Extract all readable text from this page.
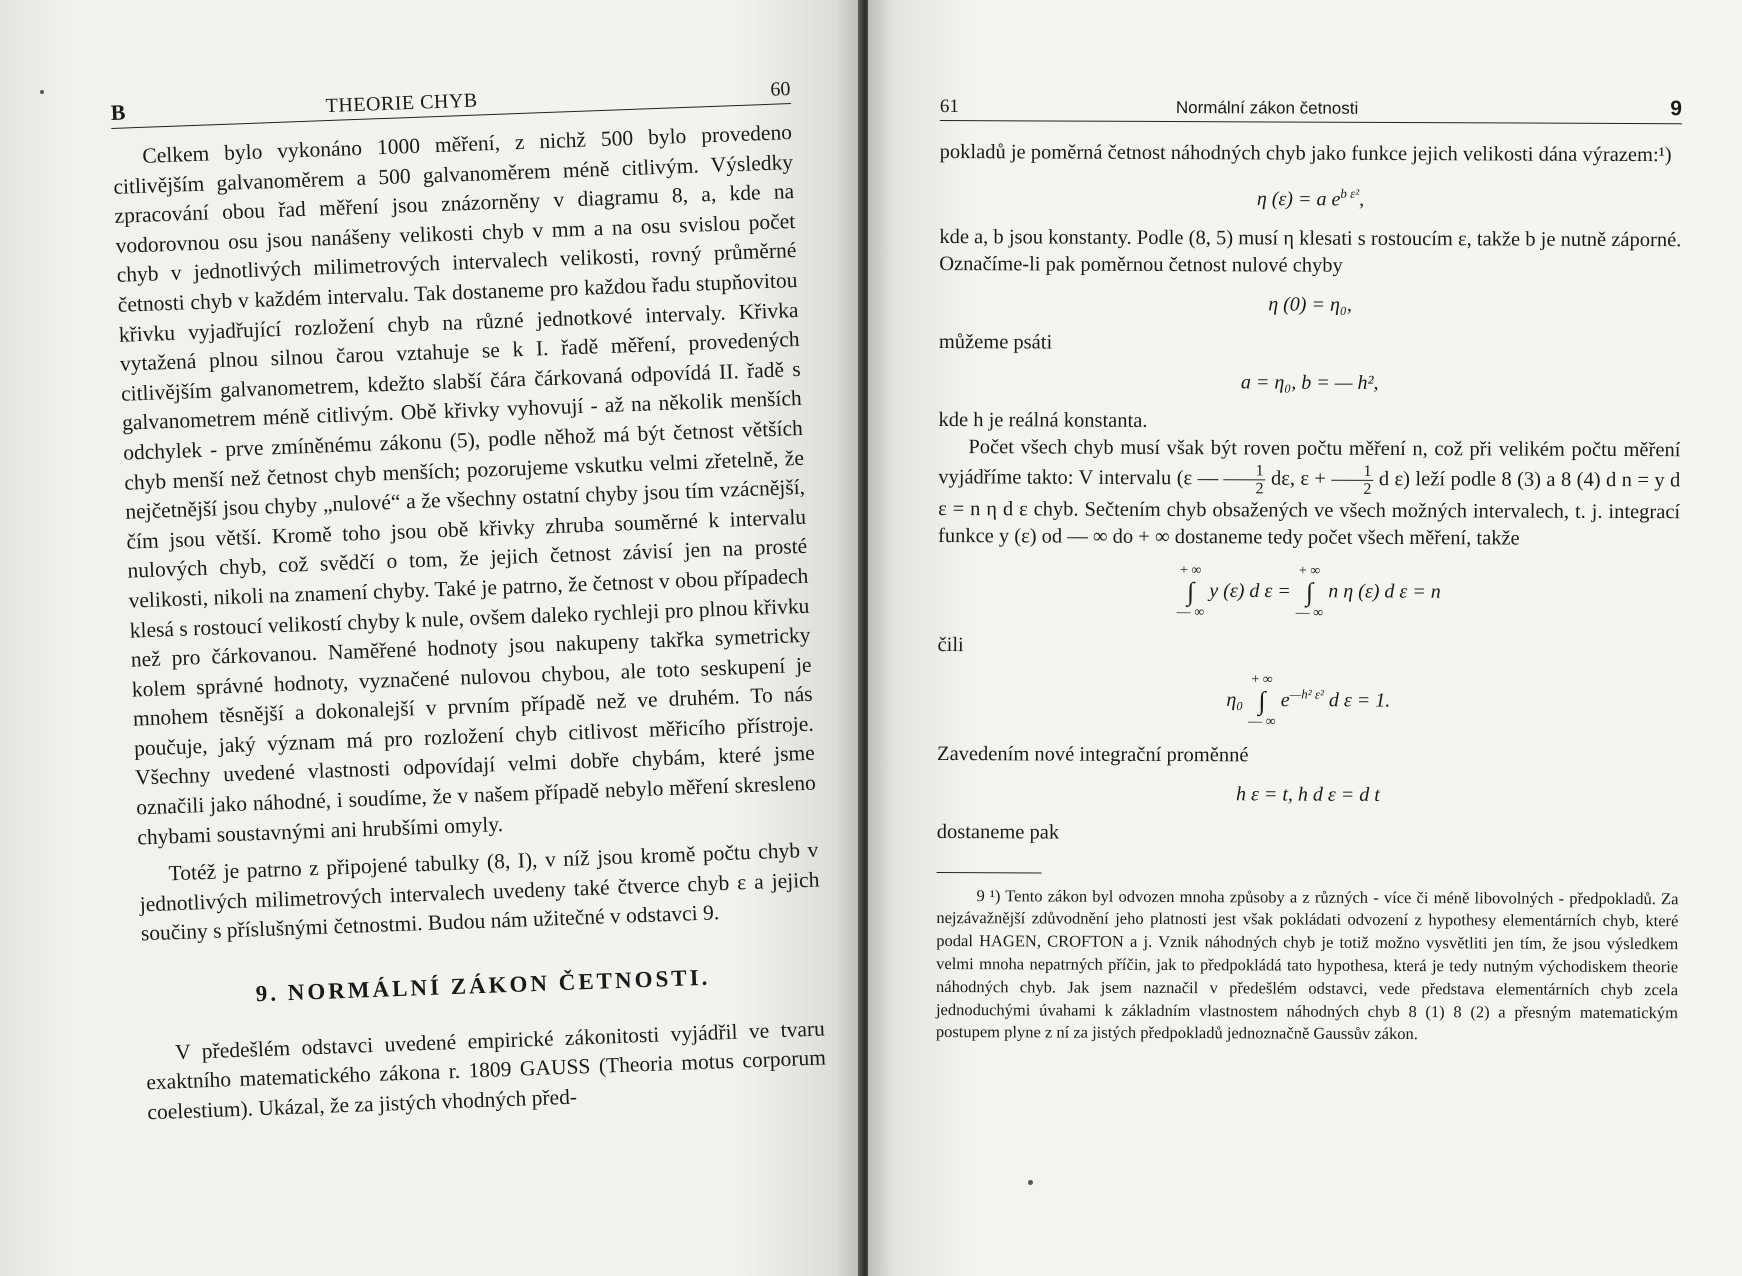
B	THEORIE CHYB
60

Celkem bylo vykonáno 1000 měření, z nichž 500 bylo provedeno citlivějším galvanoměrem a 500 galvanoměrem méně citlivým. Výsledky zpracování obou řad měření jsou znázorněny v diagramu 8, a, kde na vodorovnou osu jsou nanášeny velikosti chyb v mm a na osu svislou počet chyb v jednotlivých milimetrových intervalech velikosti, rovný průměrné četnosti chyb v každém intervalu. Tak dostaneme pro každou řadu stupňovitou křivku vyjadřující rozložení chyb na různé jednotkové intervaly. Křivka vytažená plnou silnou čarou vztahuje se k I. řadě měření, provedených citlivějším galvanometrem, kdežto slabší čára čárkovaná odpovídá II. řadě s galvanometrem méně citlivým. Obě křivky vyhovují - až na několik menších odchylek - prve zmíněnému zákonu (5), podle něhož má být četnost větších chyb menší než četnost chyb menších; pozorujeme vskutku velmi zřetelně, že nejčetnější jsou chyby „nulové“ a že všechny ostatní chyby jsou tím vzácnější, čím jsou větší. Kromě toho jsou obě křivky zhruba souměrné k intervalu nulových chyb, což svědčí o tom, že jejich četnost závisí jen na prosté velikosti, nikoli na znamení chyby. Také je patrno, že četnost v obou případech klesá s rostoucí velikostí chyby k nule, ovšem daleko rychleji pro plnou křivku než pro čárkovanou. Naměřené hodnoty jsou nakupeny takřka symetricky kolem správné hodnoty, vyznačené nulovou chybou, ale toto seskupení je mnohem těsnější a dokonalejší v prvním případě než ve druhém. To nás poučuje, jaký význam má pro rozložení chyb citlivost měřicího přístroje. Všechny uvedené vlastnosti odpovídají velmi dobře chybám, které jsme označili jako náhodné, i soudíme, že v našem případě nebylo měření skresleno chybami soustavnými ani hrubšími omyly.

Totéž je patrno z připojené tabulky (8, I), v níž jsou kromě počtu chyb v jednotlivých milimetrových intervalech uvedeny také čtverce chyb ε a jejich součiny s příslušnými četnostmi. Budou nám užitečné v odstavci 9.

9. NORMÁLNÍ ZÁKON ČETNOSTI.

V předešlém odstavci uvedené empirické zákonitosti vyjádřil ve tvaru exaktního matematického zákona r. 1809 GAUSS (Theoria motus corporum coelestium). Ukázal, že za jistých vhodných před-

61	Normální zákon četnosti	9

pokladů je poměrná četnost náhodných chyb jako funkce jejich velikosti dána výrazem:¹)

η (ε) = a $e^{b \varepsilon^2}$,

kde a, b jsou konstanty. Podle (8, 5) musí η klesati s rostoucím ε, takže b je nutně záporné. Označíme-li pak poměrnou četnost nulové chyby

η (0) = η₀,

můžeme psáti

a = η₀, b = — h²,

kde h je reálná konstanta.

Počet všech chyb musí však být roven počtu měření n, což při velikém počtu měření vyjádříme takto: V intervalu (ε — $\frac{1}{2} d\varepsilon$, $\varepsilon + \frac{1}{2}$ d ε) leží podle 8 (3) a 8 (4) d n = y d ε = n η d ε chyb. Sečtením chyb obsažených ve všech možných intervalech, t. j. integrací funkce y (ε) od — ∞ do + ∞ dostaneme tedy počet všech měření, takže

+ ∞
∫
— ∞ y (ε) d ε = + ∞
∫
— ∞ n η (ε) d ε = n
čili
η₀ + ∞
∫
— ∞ $e^{—h^2 \varepsilon^2}$ d ε = 1.

Zavedením nové integrační proměnné

h ε = t, h d ε = d t

dostaneme pak

9 ¹) Tento zákon byl odvozen mnoha způsoby a z různých - více či méně libovolných - předpokladů. Za nejzávažnější zdůvodnění jeho platnosti jest však pokládati odvození z hypothesy elementárních chyb, které podal HAGEN, CROFTON a j. Vznik náhodných chyb je totiž možno vysvětliti jen tím, že jsou výsledkem velmi mnoha nepatrných příčin, jak to předpokládá tato hypothesa, která je tedy nutným východiskem theorie náhodných chyb. Jak jsem naznačil v předešlém odstavci, vede představa elementárních chyb zcela jednoduchými úvahami k základním vlastnostem náhodných chyb 8 (1) 8 (2) a přesným matematickým postupem plyne z ní za jistých předpokladů jednoznačně Gaussův zákon.
